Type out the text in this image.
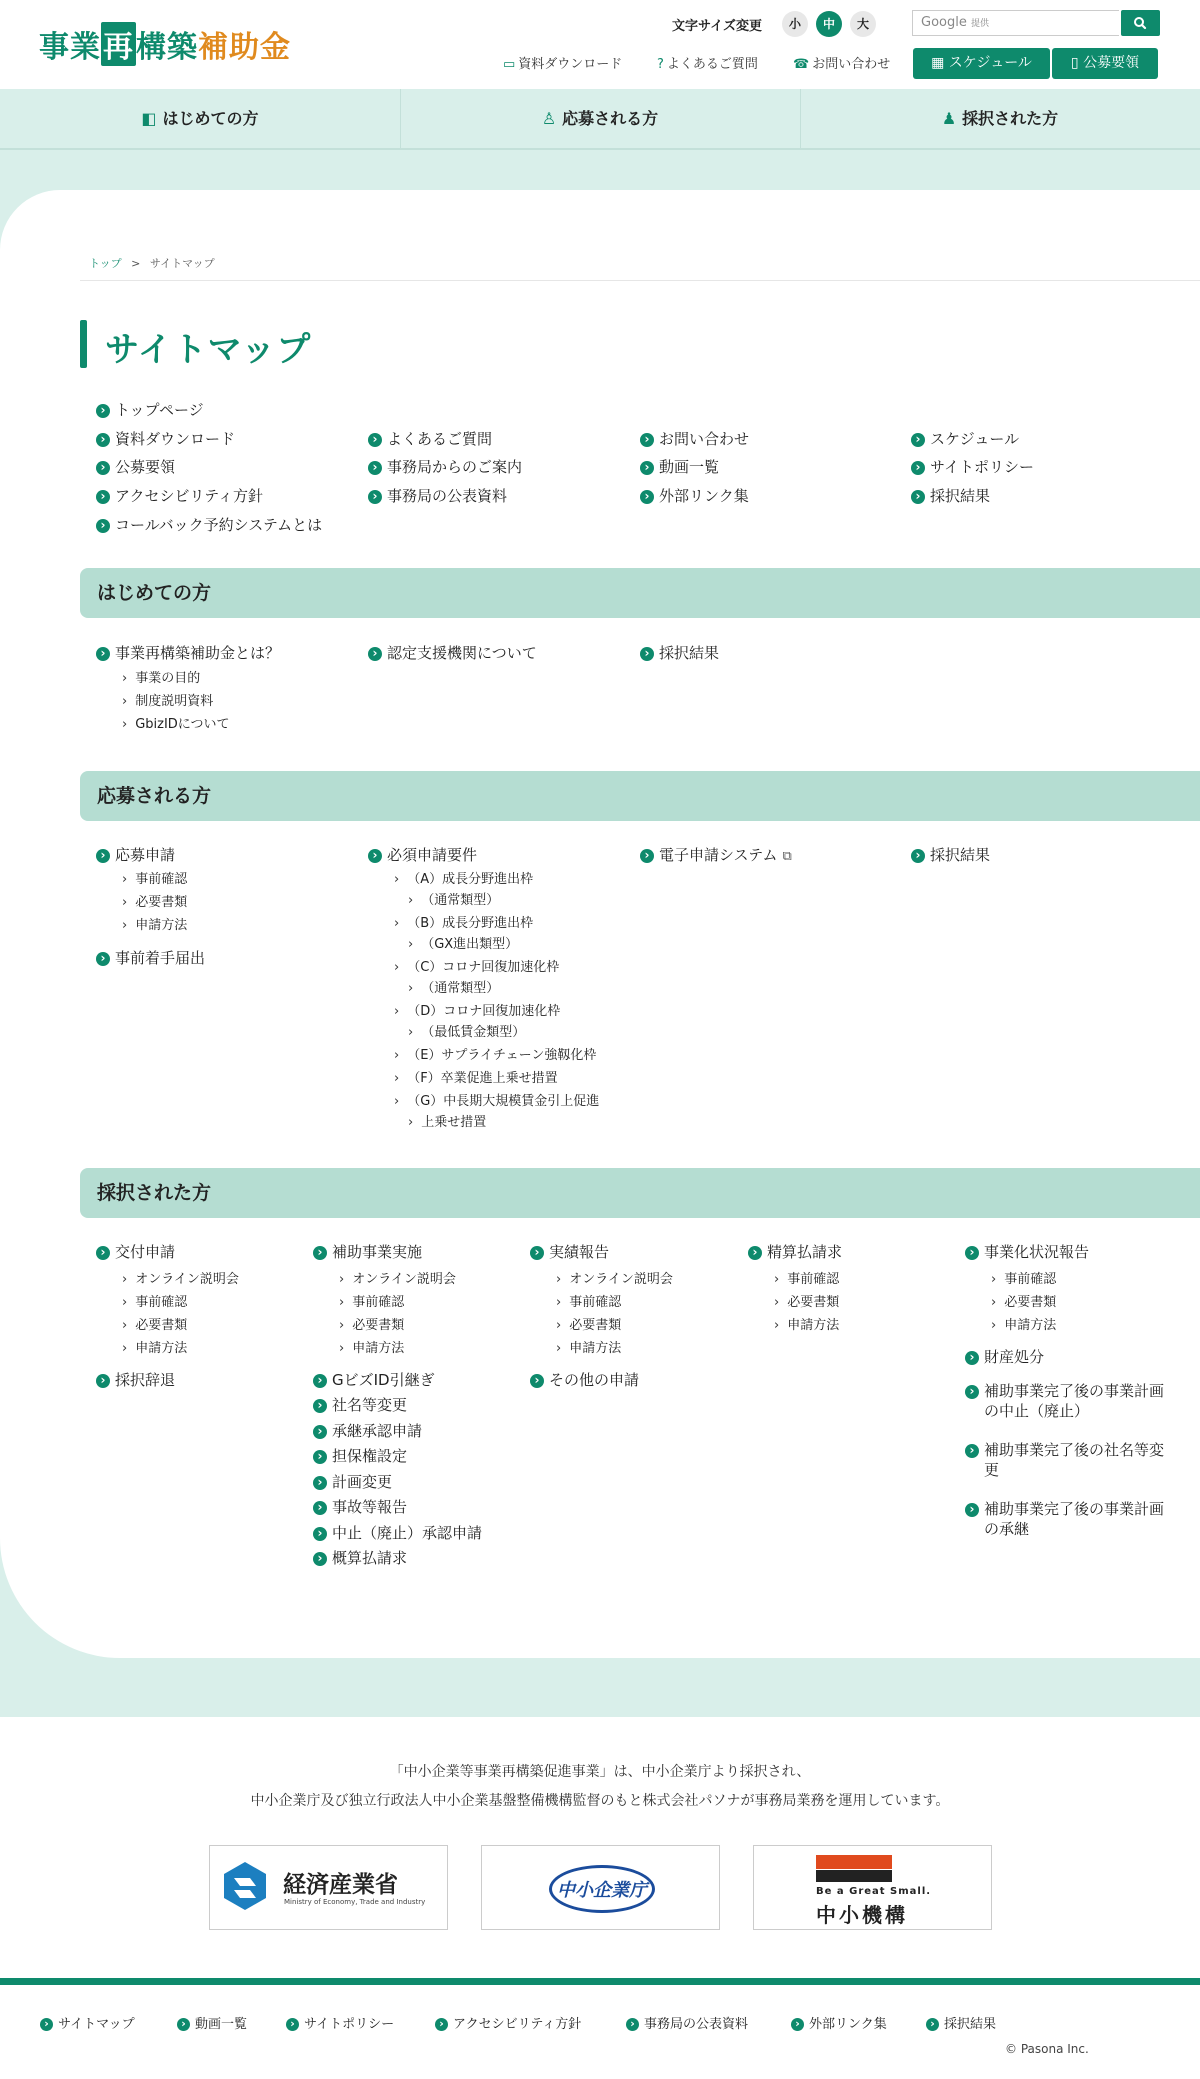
事業再構築補助金
文字サイズ変更	小	中	大	Google 提供
▭ 資料ダウンロード	? よくあるご質問	☎ お問い合わせ	▦ スケジュール	▯ 公募要領
◧ はじめての方	♙ 応募される方	♟ 採択された方
トップ > サイトマップ
サイトマップ
› トップページ
› 資料ダウンロード
› 公募要領
› アクセシビリティ方針
› コールバック予約システムとは
› よくあるご質問
› 事務局からのご案内
› 事務局の公表資料
› お問い合わせ
› 動画一覧
› 外部リンク集
› スケジュール
› サイトポリシー
› 採択結果
はじめての方
› 事業再構築補助金とは？
› 事業の目的
› 制度説明資料
› GbizIDについて
› 認定支援機関について	› 採択結果
応募される方
› 応募申請
› 事前確認
› 必要書類
› 申請方法
› 事前着手届出
› 必須申請要件
› （A）成長分野進出枠
› （通常類型）
› （B）成長分野進出枠
› （GX進出類型）
› （C）コロナ回復加速化枠
› （通常類型）
› （D）コロナ回復加速化枠
› （最低賃金類型）
› （E）サプライチェーン強靱化枠
› （F）卒業促進上乗せ措置
› （G）中長期大規模賃金引上促進
› 上乗せ措置
› 電子申請システム ⧉	› 採択結果
採択された方
› 交付申請
› オンライン説明会
› 事前確認
› 必要書類
› 申請方法
› 採択辞退
› 補助事業実施
› オンライン説明会
› 事前確認
› 必要書類
› 申請方法
› GビズID引継ぎ
› 社名等変更
› 承継承認申請
› 担保権設定
› 計画変更
› 事故等報告
› 中止（廃止）承認申請
› 概算払請求
› 実績報告
› オンライン説明会
› 事前確認
› 必要書類
› 申請方法
› その他の申請
› 精算払請求
› 事前確認
› 必要書類
› 申請方法
› 事業化状況報告
› 事前確認
› 必要書類
› 申請方法
› 財産処分
› 補助事業完了後の事業計画
の中止（廃止）
› 補助事業完了後の社名等変
更
› 補助事業完了後の事業計画
の承継
「中小企業等事業再構築促進事業」は、中小企業庁より採択され、
中小企業庁及び独立行政法人中小企業基盤整備機構監督のもと株式会社パソナが事務局業務を運用しています。
経済産業省
Ministry of Economy, Trade and Industry
中小企業庁	Be a Great Small.
中小機構
› サイトマップ	› 動画一覧	› サイトポリシー	› アクセシビリティ方針	› 事務局の公表資料	› 外部リンク集	› 採択結果
© Pasona Inc.
